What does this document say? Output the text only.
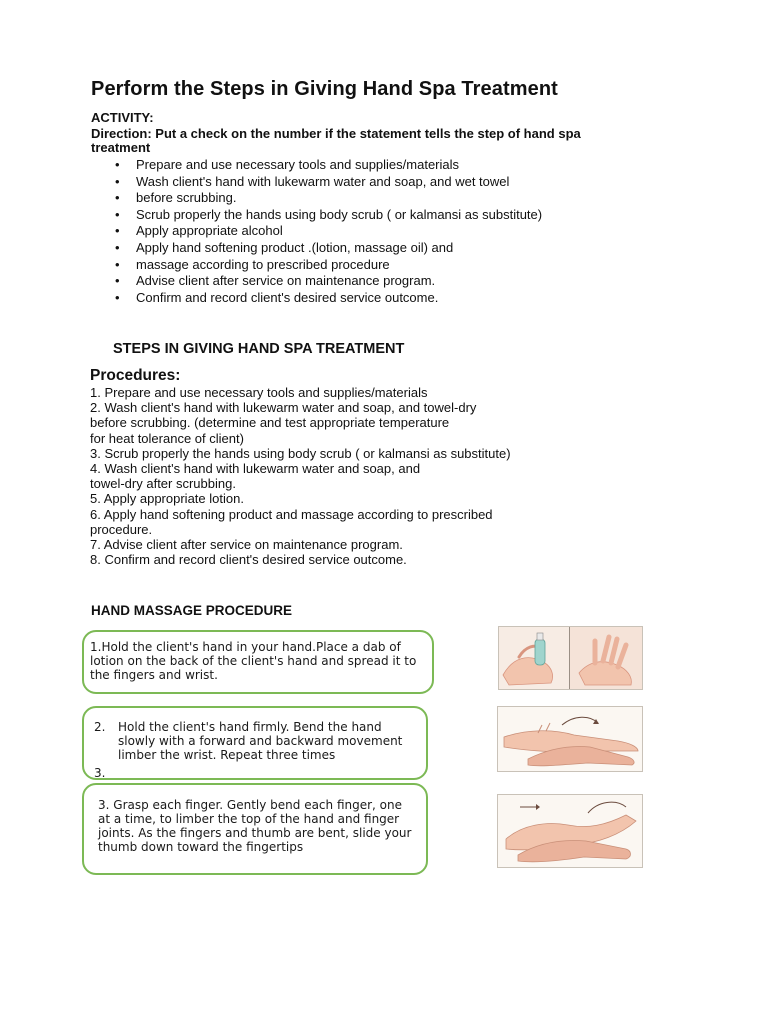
Perform the Steps in Giving Hand Spa Treatment
ACTIVITY:
Direction: Put a check on the number if the statement tells the step of hand spa treatment
• Prepare and use necessary tools and supplies/materials
• Wash client's hand with lukewarm water and soap, and wet towel
• before scrubbing.
• Scrub properly the hands using body scrub ( or kalmansi as substitute)
• Apply appropriate alcohol
• Apply hand softening product .(lotion, massage oil) and
• massage according to prescribed procedure
• Advise client after service on maintenance program.
• Confirm and record client's desired service outcome.
STEPS IN GIVING HAND SPA TREATMENT
Procedures:
1. Prepare and use necessary tools and supplies/materials
2. Wash client's hand with lukewarm water and soap, and towel-dry
before scrubbing. (determine and test appropriate temperature
for heat tolerance of client)
3. Scrub properly the hands using body scrub ( or kalmansi as substitute)
4. Wash client's hand with lukewarm water and soap, and
towel-dry after scrubbing.
5. Apply appropriate lotion.
6. Apply hand softening product and massage according to prescribed
procedure.
7. Advise client after service on maintenance program.
8. Confirm and record client's desired service outcome.
HAND MASSAGE PROCEDURE
1.Hold the client's hand in your hand.Place a dab of lotion on the back of the client's hand and spread it to the fingers and wrist.
2. Hold the client's hand firmly. Bend the hand slowly with a forward and backward movement limber the wrist. Repeat three times
3.
3. Grasp each finger. Gently bend each finger, one at a time, to limber the top of the hand and finger joints. As the fingers and thumb are bent, slide your thumb down toward the fingertips
